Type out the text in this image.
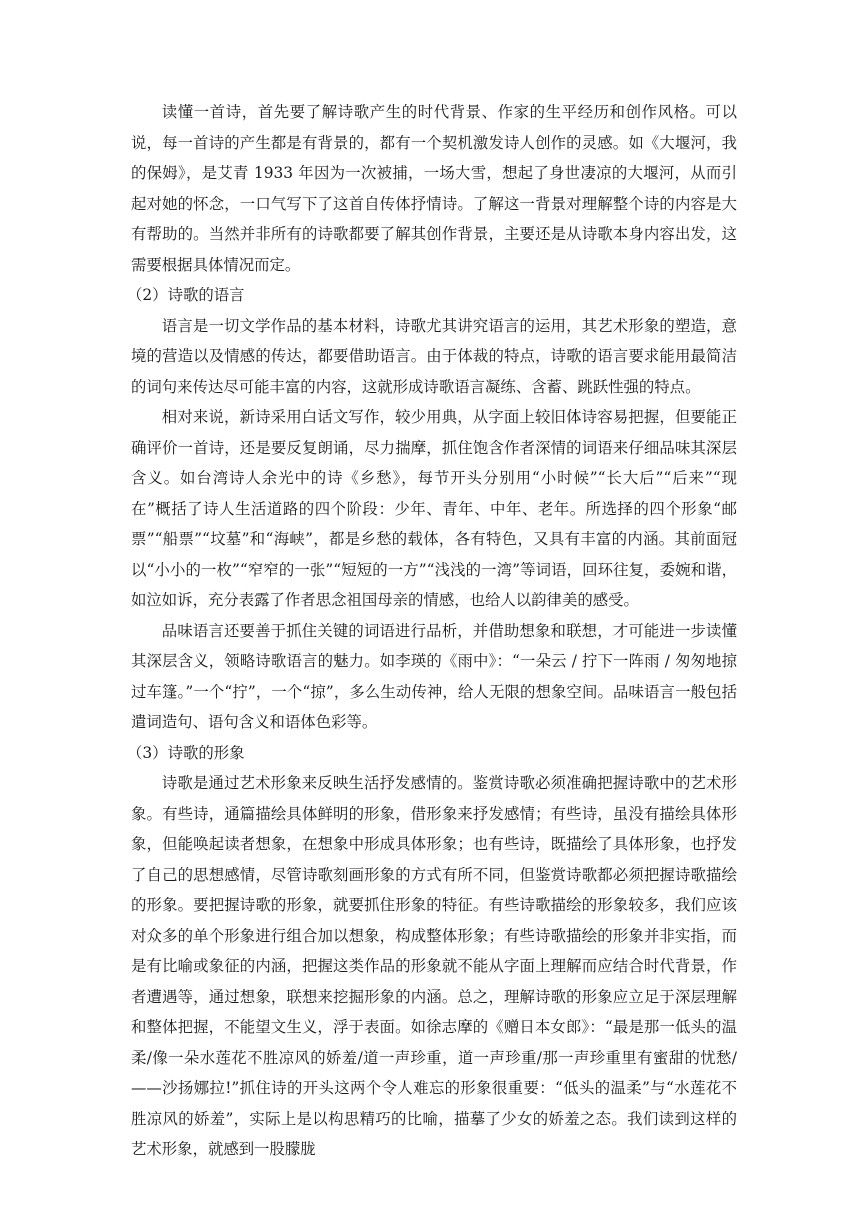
读懂一首诗，首先要了解诗歌产生的时代背景、作家的生平经历和创作风格。可以说，每一首诗的产生都是有背景的，都有一个契机激发诗人创作的灵感。如《大堰河，我的保姆》，是艾青 1933 年因为一次被捕，一场大雪，想起了身世凄凉的大堰河，从而引起对她的怀念，一口气写下了这首自传体抒情诗。了解这一背景对理解整个诗的内容是大有帮助的。当然并非所有的诗歌都要了解其创作背景，主要还是从诗歌本身内容出发，这需要根据具体情况而定。

（2）诗歌的语言

语言是一切文学作品的基本材料，诗歌尤其讲究语言的运用，其艺术形象的塑造，意境的营造以及情感的传达，都要借助语言。由于体裁的特点，诗歌的语言要求能用最简洁的词句来传达尽可能丰富的内容，这就形成诗歌语言凝练、含蓄、跳跃性强的特点。

相对来说，新诗采用白话文写作，较少用典，从字面上较旧体诗容易把握，但要能正确评价一首诗，还是要反复朗诵，尽力揣摩，抓住饱含作者深情的词语来仔细品味其深层含义。如台湾诗人余光中的诗《乡愁》，每节开头分别用“小时候”“长大后”“后来”“现在”概括了诗人生活道路的四个阶段：少年、青年、中年、老年。所选择的四个形象“邮票”“船票”“坟墓”和“海峡”，都是乡愁的载体，各有特色，又具有丰富的内涵。其前面冠以“小小的一枚”“窄窄的一张”“短短的一方”“浅浅的一湾”等词语，回环往复，委婉和谐，如泣如诉，充分表露了作者思念祖国母亲的情感，也给人以韵律美的感受。

品味语言还要善于抓住关键的词语进行品析，并借助想象和联想，才可能进一步读懂其深层含义，领略诗歌语言的魅力。如李瑛的《雨中》：“一朵云 / 拧下一阵雨 / 匆匆地掠过车篷。”一个“拧”，一个“掠”，多么生动传神，给人无限的想象空间。品味语言一般包括遣词造句、语句含义和语体色彩等。

（3）诗歌的形象

诗歌是通过艺术形象来反映生活抒发感情的。鉴赏诗歌必须准确把握诗歌中的艺术形象。有些诗，通篇描绘具体鲜明的形象，借形象来抒发感情；有些诗，虽没有描绘具体形象，但能唤起读者想象，在想象中形成具体形象；也有些诗，既描绘了具体形象，也抒发了自己的思想感情，尽管诗歌刻画形象的方式有所不同，但鉴赏诗歌都必须把握诗歌描绘的形象。要把握诗歌的形象，就要抓住形象的特征。有些诗歌描绘的形象较多，我们应该对众多的单个形象进行组合加以想象，构成整体形象；有些诗歌描绘的形象并非实指，而是有比喻或象征的内涵，把握这类作品的形象就不能从字面上理解而应结合时代背景，作者遭遇等，通过想象，联想来挖掘形象的内涵。总之，理解诗歌的形象应立足于深层理解和整体把握，不能望文生义，浮于表面。如徐志摩的《赠日本女郎》：“最是那一低头的温柔/像一朵水莲花不胜凉风的娇羞/道一声珍重，道一声珍重/那一声珍重里有蜜甜的忧愁/——沙扬娜拉!”抓住诗的开头这两个令人难忘的形象很重要：“低头的温柔”与“水莲花不胜凉风的娇羞”，实际上是以构思精巧的比喻，描摹了少女的娇羞之态。我们读到这样的艺术形象，就感到一股朦胧
